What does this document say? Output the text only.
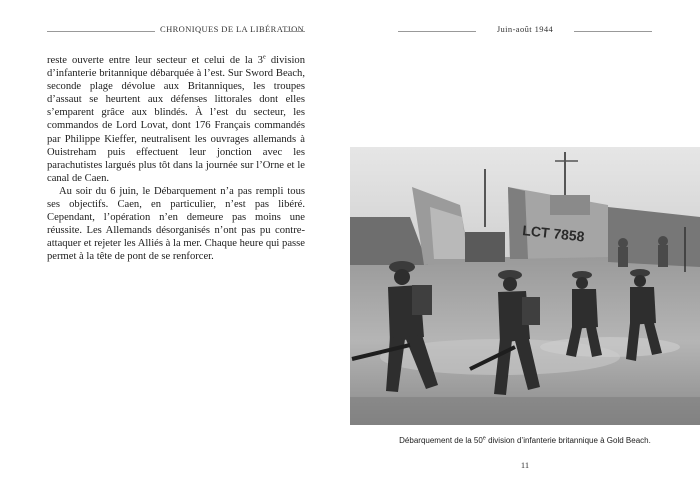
CHRONIQUES DE LA LIBÉRATION	Juin-août 1944

reste ouverte entre leur secteur et celui de la 3e division d’infanterie britannique débarquée à l’est. Sur Sword Beach, seconde plage dévolue aux Britanniques, les troupes d’assaut se heurtent aux défenses littorales dont elles s’emparent grâce aux blindés. À l’est du secteur, les commandos de Lord Lovat, dont 176 Français commandés par Philippe Kieffer, neutralisent les ouvrages allemands à Ouistreham puis effectuent leur jonction avec les parachutistes largués plus tôt dans la journée sur l’Orne et le canal de Caen.

Au soir du 6 juin, le Débarquement n’a pas rempli tous ses objectifs. Caen, en particulier, n’est pas libéré. Cependant, l’opération n’en demeure pas moins une réussite. Les Allemands désorganisés n’ont pas pu contre-attaquer et rejeter les Alliés à la mer. Chaque heure qui passe permet à la tête de pont de se renforcer.

LCT 7858
Débarquement de la 50e division d’infanterie britannique à Gold Beach.
11
